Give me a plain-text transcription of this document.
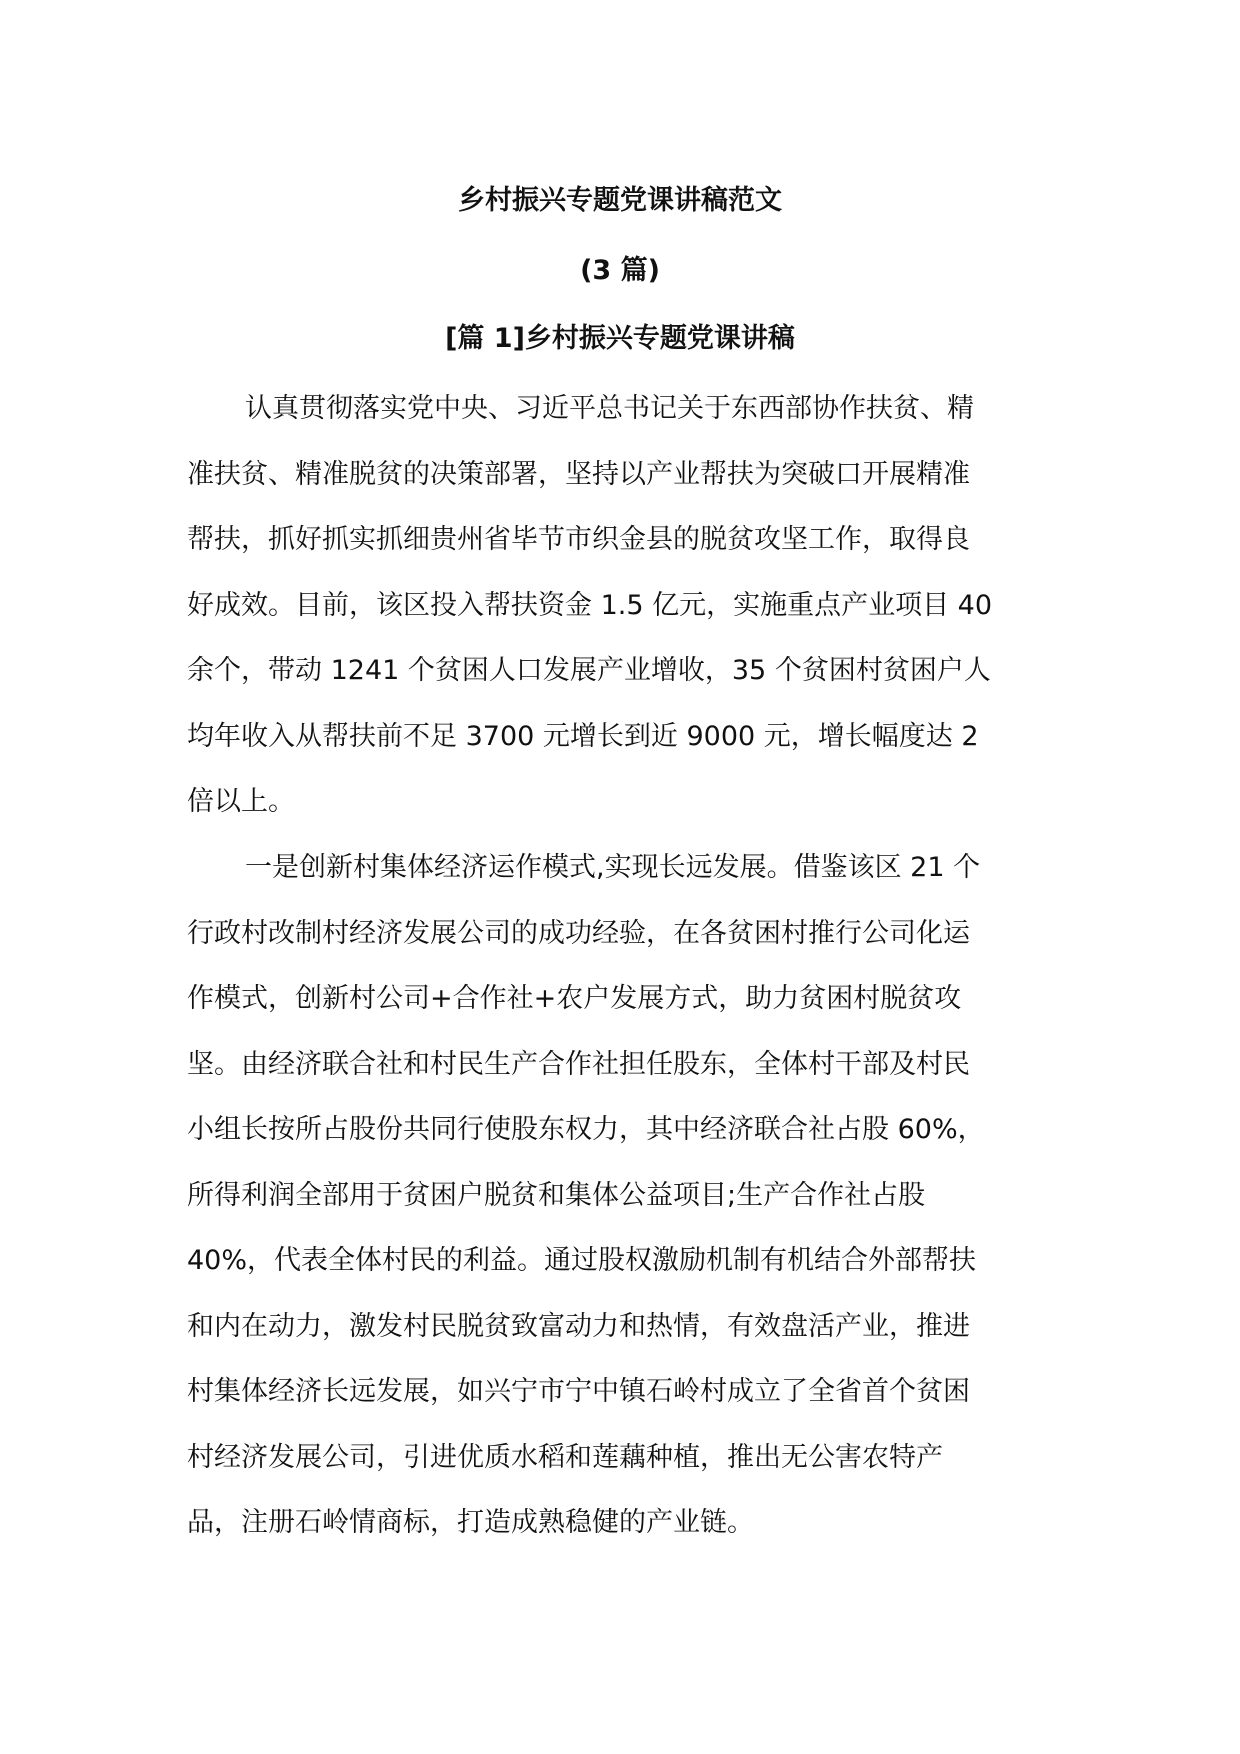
乡村振兴专题党课讲稿范文
(3 篇)
[篇 1]乡村振兴专题党课讲稿
认真贯彻落实党中央、习近平总书记关于东西部协作扶贫、精
准扶贫、精准脱贫的决策部署，坚持以产业帮扶为突破口开展精准
帮扶，抓好抓实抓细贵州省毕节市织金县的脱贫攻坚工作，取得良
好成效。目前，该区投入帮扶资金 1.5 亿元，实施重点产业项目 40
余个，带动 1241 个贫困人口发展产业增收，35 个贫困村贫困户人
均年收入从帮扶前不足 3700 元增长到近 9000 元，增长幅度达 2
倍以上。
一是创新村集体经济运作模式,实现长远发展。借鉴该区 21 个
行政村改制村经济发展公司的成功经验，在各贫困村推行公司化运
作模式，创新村公司+合作社+农户发展方式，助力贫困村脱贫攻
坚。由经济联合社和村民生产合作社担任股东，全体村干部及村民
小组长按所占股份共同行使股东权力，其中经济联合社占股 60%，
所得利润全部用于贫困户脱贫和集体公益项目;生产合作社占股
40%，代表全体村民的利益。通过股权激励机制有机结合外部帮扶
和内在动力，激发村民脱贫致富动力和热情，有效盘活产业，推进
村集体经济长远发展，如兴宁市宁中镇石岭村成立了全省首个贫困
村经济发展公司，引进优质水稻和莲藕种植，推出无公害农特产
品，注册石岭情商标，打造成熟稳健的产业链。
